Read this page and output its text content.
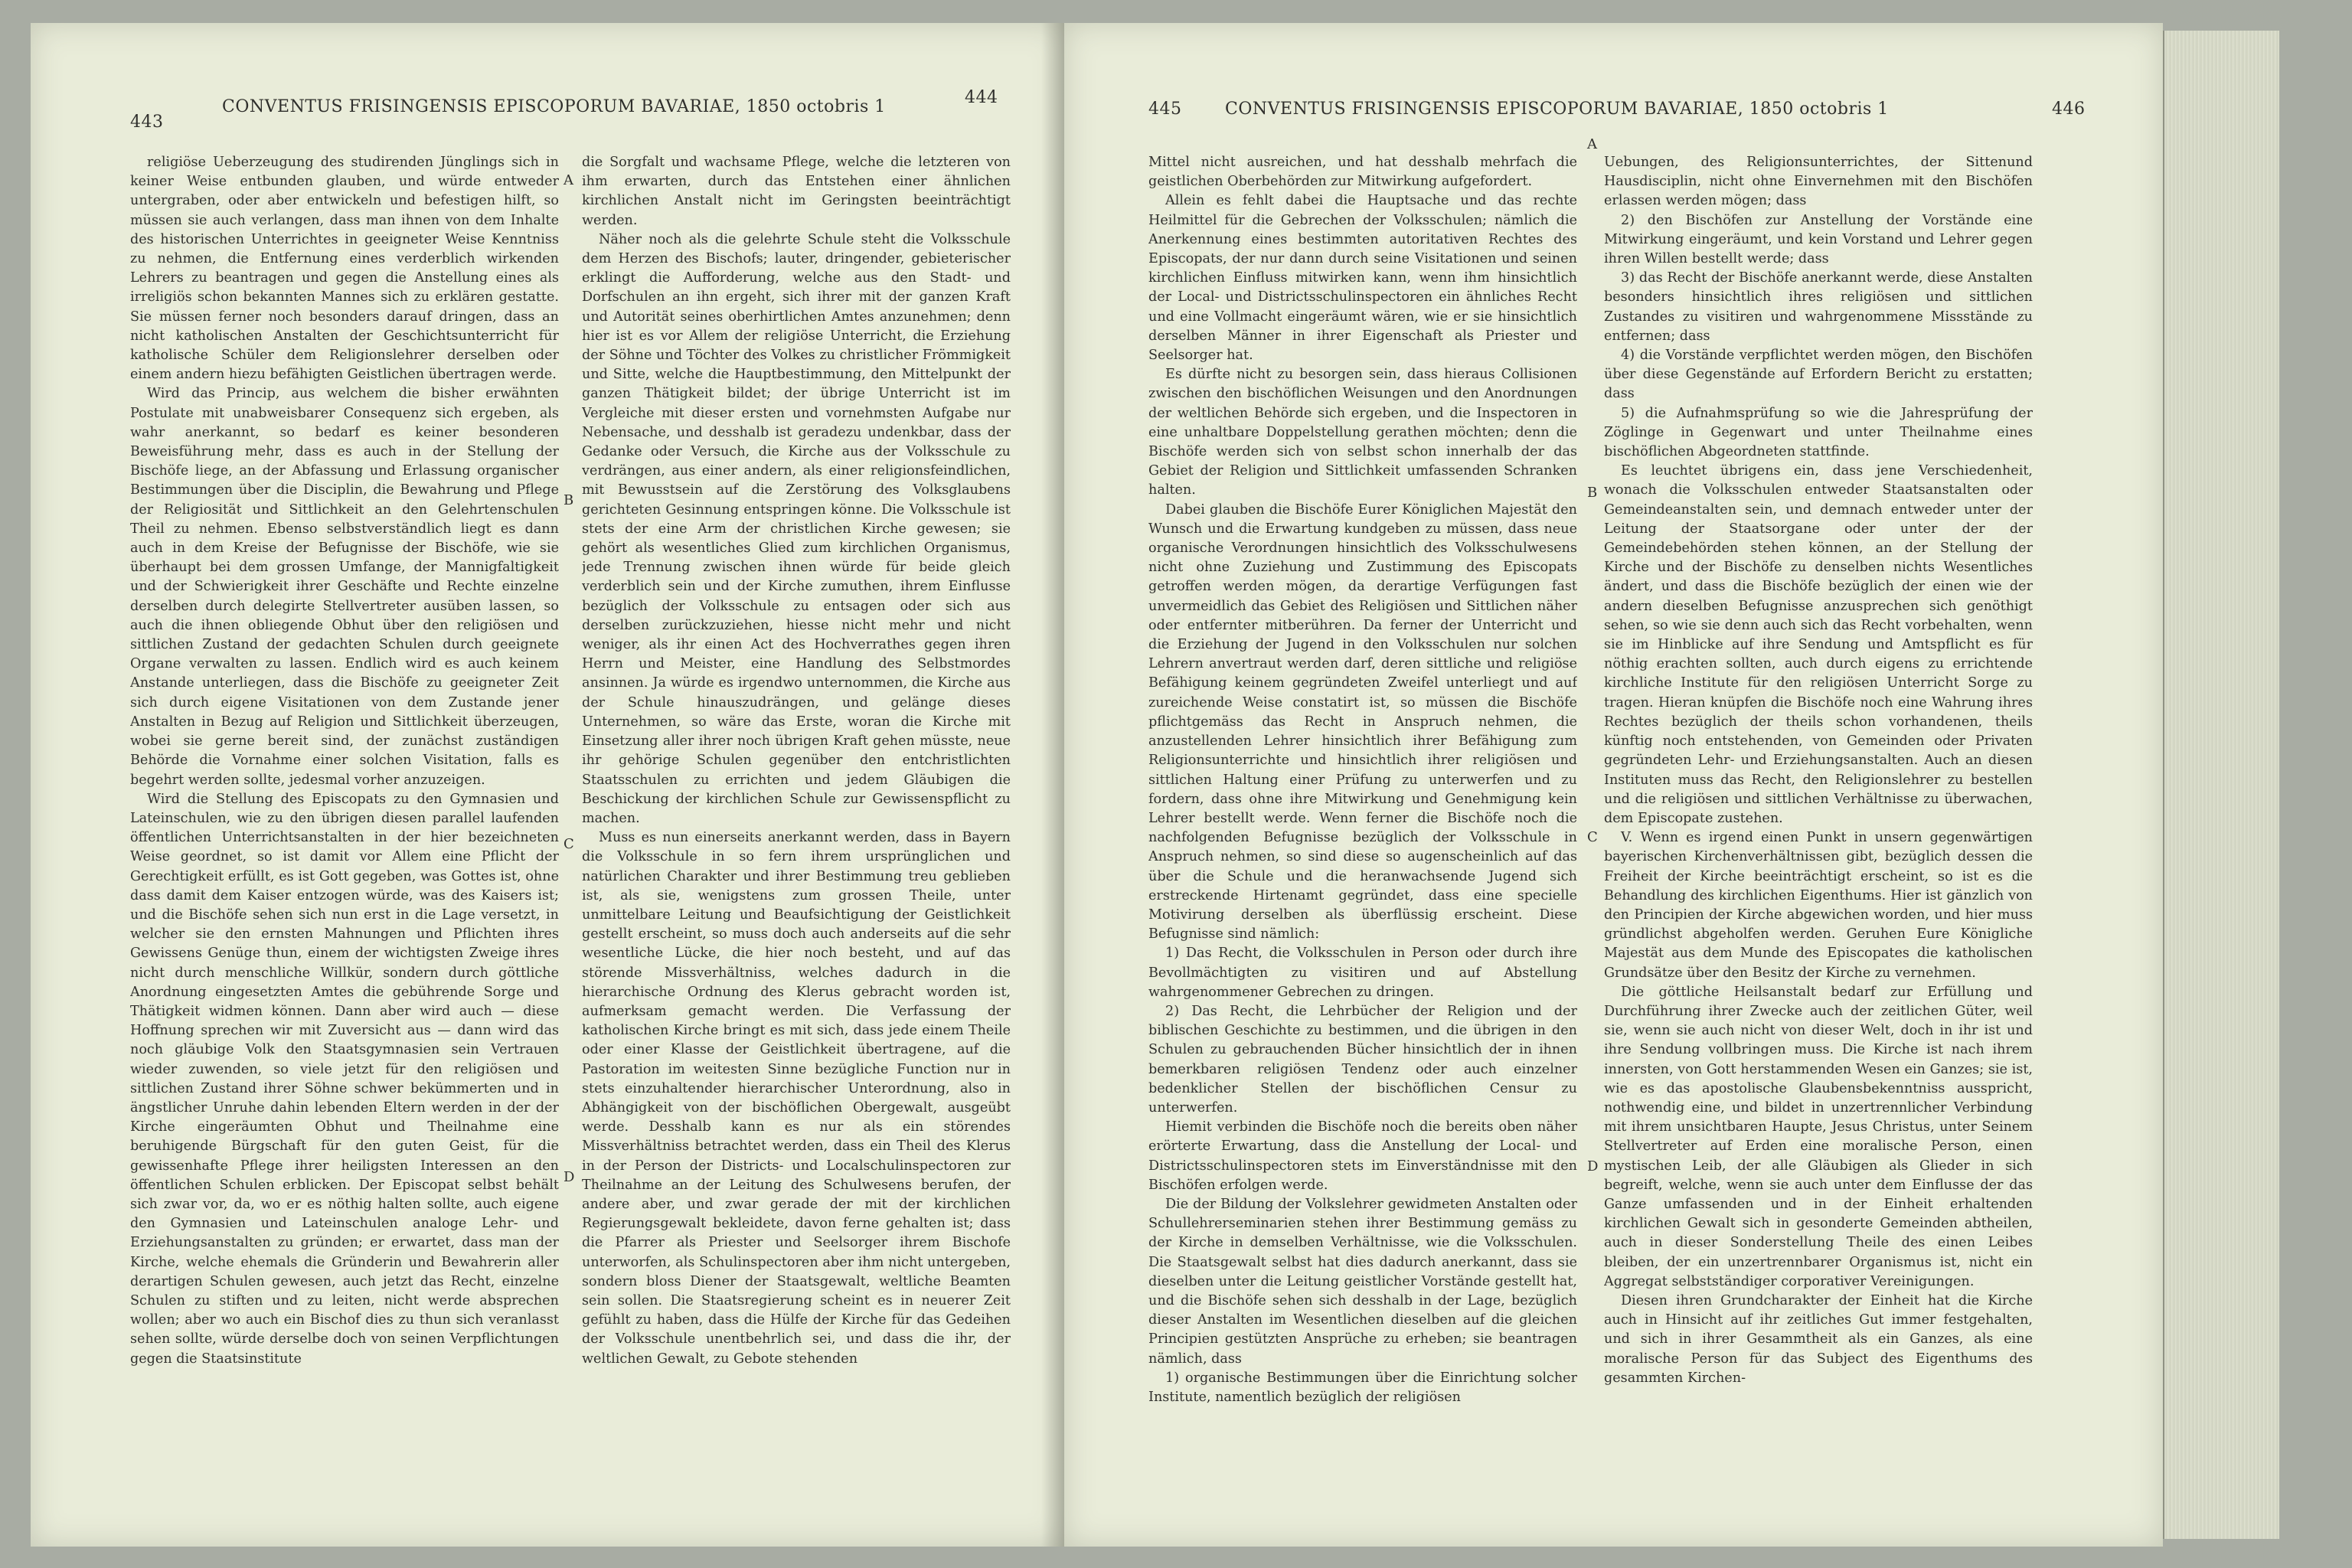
443
CONVENTUS FRISINGENSIS EPISCOPORUM BAVARIAE, 1850 octobris 1	444

religiöse Ueberzeugung des studirenden Jünglings sich in keiner Weise entbunden glauben, und würde entweder untergraben, oder aber entwickeln und befestigen hilft, so müssen sie auch verlangen, dass man ihnen von dem Inhalte des historischen Unterrichtes in geeigneter Weise Kenntniss zu nehmen, die Entfernung eines verderblich wirkenden Lehrers zu beantragen und gegen die Anstellung eines als irreligiös schon bekannten Mannes sich zu erklären gestatte. Sie müssen ferner noch besonders darauf dringen, dass an nicht katholischen Anstalten der Geschichtsunterricht für katholische Schüler dem Religionslehrer derselben oder einem andern hiezu befähigten Geistlichen übertragen werde.

Wird das Princip, aus welchem die bisher erwähnten Postulate mit unabweisbarer Consequenz sich ergeben, als wahr anerkannt, so bedarf es keiner besonderen Beweisführung mehr, dass es auch in der Stellung der Bischöfe liege, an der Abfassung und Erlassung organischer Bestimmungen über die Disciplin, die Bewahrung und Pflege der Religiosität und Sittlichkeit an den Gelehrtenschulen Theil zu nehmen. Ebenso selbstverständlich liegt es dann auch in dem Kreise der Befugnisse der Bischöfe, wie sie überhaupt bei dem grossen Umfange, der Mannigfaltigkeit und der Schwierigkeit ihrer Geschäfte und Rechte einzelne derselben durch delegirte Stellvertreter ausüben lassen, so auch die ihnen obliegende Obhut über den religiösen und sittlichen Zustand der gedachten Schulen durch geeignete Organe verwalten zu lassen. Endlich wird es auch keinem Anstande unterliegen, dass die Bischöfe zu geeigneter Zeit sich durch eigene Visitationen von dem Zustande jener Anstalten in Bezug auf Religion und Sittlichkeit überzeugen, wobei sie gerne bereit sind, der zunächst zuständigen Behörde die Vornahme einer solchen Visitation, falls es begehrt werden sollte, jedesmal vorher anzuzeigen.

Wird die Stellung des Episcopats zu den Gymnasien und Lateinschulen, wie zu den übrigen diesen parallel laufenden öffentlichen Unterrichtsanstalten in der hier bezeichneten Weise geordnet, so ist damit vor Allem eine Pflicht der Gerechtigkeit erfüllt, es ist Gott gegeben, was Gottes ist, ohne dass damit dem Kaiser entzogen würde, was des Kaisers ist; und die Bischöfe sehen sich nun erst in die Lage versetzt, in welcher sie den ernsten Mahnungen und Pflichten ihres Gewissens Genüge thun, einem der wichtigsten Zweige ihres nicht durch menschliche Willkür, sondern durch göttliche Anordnung eingesetzten Amtes die gebührende Sorge und Thätigkeit widmen können. Dann aber wird auch — diese Hoffnung sprechen wir mit Zuversicht aus — dann wird das noch gläubige Volk den Staatsgymnasien sein Vertrauen wieder zuwenden, so viele jetzt für den religiösen und sittlichen Zustand ihrer Söhne schwer bekümmerten und in ängstlicher Unruhe dahin lebenden Eltern werden in der der Kirche eingeräumten Obhut und Theilnahme eine beruhigende Bürgschaft für den guten Geist, für die gewissenhafte Pflege ihrer heiligsten Interessen an den öffentlichen Schulen erblicken. Der Episcopat selbst behält sich zwar vor, da, wo er es nöthig halten sollte, auch eigene den Gymnasien und Lateinschulen analoge Lehr- und Erziehungsanstalten zu gründen; er erwartet, dass man der Kirche, welche ehemals die Gründerin und Bewahrerin aller derartigen Schulen gewesen, auch jetzt das Recht, einzelne Schulen zu stiften und zu leiten, nicht werde absprechen wollen; aber wo auch ein Bischof dies zu thun sich veranlasst sehen sollte, würde derselbe doch von seinen Verpflichtungen gegen die Staatsinstitute

A
B
C
D

die Sorgfalt und wachsame Pflege, welche die letzteren von ihm erwarten, durch das Entstehen einer ähnlichen kirchlichen Anstalt nicht im Geringsten beeinträchtigt werden.

Näher noch als die gelehrte Schule steht die Volksschule dem Herzen des Bischofs; lauter, dringender, gebieterischer erklingt die Aufforderung, welche aus den Stadt- und Dorfschulen an ihn ergeht, sich ihrer mit der ganzen Kraft und Autorität seines oberhirtlichen Amtes anzunehmen; denn hier ist es vor Allem der religiöse Unterricht, die Erziehung der Söhne und Töchter des Volkes zu christlicher Frömmigkeit und Sitte, welche die Hauptbestimmung, den Mittelpunkt der ganzen Thätigkeit bildet; der übrige Unterricht ist im Vergleiche mit dieser ersten und vornehmsten Aufgabe nur Nebensache, und desshalb ist geradezu undenkbar, dass der Gedanke oder Versuch, die Kirche aus der Volksschule zu verdrängen, aus einer andern, als einer religionsfeindlichen, mit Bewusstsein auf die Zerstörung des Volksglaubens gerichteten Gesinnung entspringen könne. Die Volksschule ist stets der eine Arm der christlichen Kirche gewesen; sie gehört als wesentliches Glied zum kirchlichen Organismus, jede Trennung zwischen ihnen würde für beide gleich verderblich sein und der Kirche zumuthen, ihrem Einflusse bezüglich der Volksschule zu entsagen oder sich aus derselben zurückzuziehen, hiesse nicht mehr und nicht weniger, als ihr einen Act des Hochverrathes gegen ihren Herrn und Meister, eine Handlung des Selbstmordes ansinnen. Ja würde es irgendwo unternommen, die Kirche aus der Schule hinauszudrängen, und gelänge dieses Unternehmen, so wäre das Erste, woran die Kirche mit Einsetzung aller ihrer noch übrigen Kraft gehen müsste, neue ihr gehörige Schulen gegenüber den entchristlichten Staatsschulen zu errichten und jedem Gläubigen die Beschickung der kirchlichen Schule zur Gewissenspflicht zu machen.

Muss es nun einerseits anerkannt werden, dass in Bayern die Volksschule in so fern ihrem ursprünglichen und natürlichen Charakter und ihrer Bestimmung treu geblieben ist, als sie, wenigstens zum grossen Theile, unter unmittelbare Leitung und Beaufsichtigung der Geistlichkeit gestellt erscheint, so muss doch auch anderseits auf die sehr wesentliche Lücke, die hier noch besteht, und auf das störende Missverhältniss, welches dadurch in die hierarchische Ordnung des Klerus gebracht worden ist, aufmerksam gemacht werden. Die Verfassung der katholischen Kirche bringt es mit sich, dass jede einem Theile oder einer Klasse der Geistlichkeit übertragene, auf die Pastoration im weitesten Sinne bezügliche Function nur in stets einzuhaltender hierarchischer Unterordnung, also in Abhängigkeit von der bischöflichen Obergewalt, ausgeübt werde. Desshalb kann es nur als ein störendes Missverhältniss betrachtet werden, dass ein Theil des Klerus in der Person der Districts- und Localschulinspectoren zur Theilnahme an der Leitung des Schulwesens berufen, der andere aber, und zwar gerade der mit der kirchlichen Regierungsgewalt bekleidete, davon ferne gehalten ist; dass die Pfarrer als Priester und Seelsorger ihrem Bischofe unterworfen, als Schulinspectoren aber ihm nicht untergeben, sondern bloss Diener der Staatsgewalt, weltliche Beamten sein sollen. Die Staatsregierung scheint es in neuerer Zeit gefühlt zu haben, dass die Hülfe der Kirche für das Gedeihen der Volksschule unentbehrlich sei, und dass die ihr, der weltlichen Gewalt, zu Gebote stehenden

445	CONVENTUS FRISINGENSIS EPISCOPORUM BAVARIAE, 1850 octobris 1	446

Mittel nicht ausreichen, und hat desshalb mehrfach die geistlichen Oberbehörden zur Mitwirkung aufgefordert.

Allein es fehlt dabei die Hauptsache und das rechte Heilmittel für die Gebrechen der Volksschulen; nämlich die Anerkennung eines bestimmten autoritativen Rechtes des Episcopats, der nur dann durch seine Visitationen und seinen kirchlichen Einfluss mitwirken kann, wenn ihm hinsichtlich der Local- und Districtsschulinspectoren ein ähnliches Recht und eine Vollmacht eingeräumt wären, wie er sie hinsichtlich derselben Männer in ihrer Eigenschaft als Priester und Seelsorger hat.

Es dürfte nicht zu besorgen sein, dass hieraus Collisionen zwischen den bischöflichen Weisungen und den Anordnungen der weltlichen Behörde sich ergeben, und die Inspectoren in eine unhaltbare Doppelstellung gerathen möchten; denn die Bischöfe werden sich von selbst schon innerhalb der das Gebiet der Religion und Sittlichkeit umfassenden Schranken halten.

Dabei glauben die Bischöfe Eurer Königlichen Majestät den Wunsch und die Erwartung kundgeben zu müssen, dass neue organische Verordnungen hinsichtlich des Volksschulwesens nicht ohne Zuziehung und Zustimmung des Episcopats getroffen werden mögen, da derartige Verfügungen fast unvermeidlich das Gebiet des Religiösen und Sittlichen näher oder entfernter mitberühren. Da ferner der Unterricht und die Erziehung der Jugend in den Volksschulen nur solchen Lehrern anvertraut werden darf, deren sittliche und religiöse Befähigung keinem gegründeten Zweifel unterliegt und auf zureichende Weise constatirt ist, so müssen die Bischöfe pflichtgemäss das Recht in Anspruch nehmen, die anzustellenden Lehrer hinsichtlich ihrer Befähigung zum Religionsunterrichte und hinsichtlich ihrer religiösen und sittlichen Haltung einer Prüfung zu unterwerfen und zu fordern, dass ohne ihre Mitwirkung und Genehmigung kein Lehrer bestellt werde. Wenn ferner die Bischöfe noch die nachfolgenden Befugnisse bezüglich der Volksschule in Anspruch nehmen, so sind diese so augenscheinlich auf das über die Schule und die heranwachsende Jugend sich erstreckende Hirtenamt gegründet, dass eine specielle Motivirung derselben als überflüssig erscheint. Diese Befugnisse sind nämlich:

1) Das Recht, die Volksschulen in Person oder durch ihre Bevollmächtigten zu visitiren und auf Abstellung wahrgenommener Gebrechen zu dringen.

2) Das Recht, die Lehrbücher der Religion und der biblischen Geschichte zu bestimmen, und die übrigen in den Schulen zu gebrauchenden Bücher hinsichtlich der in ihnen bemerkbaren religiösen Tendenz oder auch einzelner bedenklicher Stellen der bischöflichen Censur zu unterwerfen.

Hiemit verbinden die Bischöfe noch die bereits oben näher erörterte Erwartung, dass die Anstellung der Local- und Districtsschulinspectoren stets im Einverständnisse mit den Bischöfen erfolgen werde.

Die der Bildung der Volkslehrer gewidmeten Anstalten oder Schullehrerseminarien stehen ihrer Bestimmung gemäss zu der Kirche in demselben Verhältnisse, wie die Volksschulen. Die Staatsgewalt selbst hat dies dadurch anerkannt, dass sie dieselben unter die Leitung geistlicher Vorstände gestellt hat, und die Bischöfe sehen sich desshalb in der Lage, bezüglich dieser Anstalten im Wesentlichen dieselben auf die gleichen Principien gestützten Ansprüche zu erheben; sie beantragen nämlich, dass

1) organische Bestimmungen über die Einrichtung solcher Institute, namentlich bezüglich der religiösen

A
B
C
D

Uebungen, des Religionsunterrichtes, der Sittenund Hausdisciplin, nicht ohne Einvernehmen mit den Bischöfen erlassen werden mögen; dass

2) den Bischöfen zur Anstellung der Vorstände eine Mitwirkung eingeräumt, und kein Vorstand und Lehrer gegen ihren Willen bestellt werde; dass

3) das Recht der Bischöfe anerkannt werde, diese Anstalten besonders hinsichtlich ihres religiösen und sittlichen Zustandes zu visitiren und wahrgenommene Missstände zu entfernen; dass

4) die Vorstände verpflichtet werden mögen, den Bischöfen über diese Gegenstände auf Erfordern Bericht zu erstatten; dass

5) die Aufnahmsprüfung so wie die Jahresprüfung der Zöglinge in Gegenwart und unter Theilnahme eines bischöflichen Abgeordneten stattfinde.

Es leuchtet übrigens ein, dass jene Verschiedenheit, wonach die Volksschulen entweder Staatsanstalten oder Gemeindeanstalten sein, und demnach entweder unter der Leitung der Staatsorgane oder unter der der Gemeindebehörden stehen können, an der Stellung der Kirche und der Bischöfe zu denselben nichts Wesentliches ändert, und dass die Bischöfe bezüglich der einen wie der andern dieselben Befugnisse anzusprechen sich genöthigt sehen, so wie sie denn auch sich das Recht vorbehalten, wenn sie im Hinblicke auf ihre Sendung und Amtspflicht es für nöthig erachten sollten, auch durch eigens zu errichtende kirchliche Institute für den religiösen Unterricht Sorge zu tragen. Hieran knüpfen die Bischöfe noch eine Wahrung ihres Rechtes bezüglich der theils schon vorhandenen, theils künftig noch entstehenden, von Gemeinden oder Privaten gegründeten Lehr- und Erziehungsanstalten. Auch an diesen Instituten muss das Recht, den Religionslehrer zu bestellen und die religiösen und sittlichen Verhältnisse zu überwachen, dem Episcopate zustehen.

V. Wenn es irgend einen Punkt in unsern gegenwärtigen bayerischen Kirchenverhältnissen gibt, bezüglich dessen die Freiheit der Kirche beeinträchtigt erscheint, so ist es die Behandlung des kirchlichen Eigenthums. Hier ist gänzlich von den Principien der Kirche abgewichen worden, und hier muss gründlichst abgeholfen werden. Geruhen Eure Königliche Majestät aus dem Munde des Episcopates die katholischen Grundsätze über den Besitz der Kirche zu vernehmen.

Die göttliche Heilsanstalt bedarf zur Erfüllung und Durchführung ihrer Zwecke auch der zeitlichen Güter, weil sie, wenn sie auch nicht von dieser Welt, doch in ihr ist und ihre Sendung vollbringen muss. Die Kirche ist nach ihrem innersten, von Gott herstammenden Wesen ein Ganzes; sie ist, wie es das apostolische Glaubensbekenntniss ausspricht, nothwendig eine, und bildet in unzertrennlicher Verbindung mit ihrem unsichtbaren Haupte, Jesus Christus, unter Seinem Stellvertreter auf Erden eine moralische Person, einen mystischen Leib, der alle Gläubigen als Glieder in sich begreift, welche, wenn sie auch unter dem Einflusse der das Ganze umfassenden und in der Einheit erhaltenden kirchlichen Gewalt sich in gesonderte Gemeinden abtheilen, auch in dieser Sonderstellung Theile des einen Leibes bleiben, der ein unzertrennbarer Organismus ist, nicht ein Aggregat selbstständiger corporativer Vereinigungen.

Diesen ihren Grundcharakter der Einheit hat die Kirche auch in Hinsicht auf ihr zeitliches Gut immer festgehalten, und sich in ihrer Gesammtheit als ein Ganzes, als eine moralische Person für das Subject des Eigenthums des gesammten Kirchen-
